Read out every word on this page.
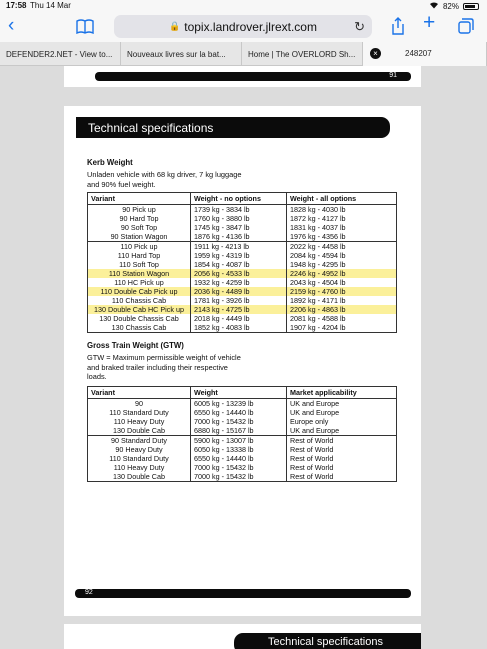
17:58 Thu 14 Mar	82%
‹	🔒 topix.landrover.jlrext.com	↻	+
DEFENDER2.NET - View to... Nouveaux livres sur la bat...	Home | The OVERLORD Sh...	×	248207
91
Technical specifications
Kerb Weight
Unladen vehicle with 68 kg driver, 7 kg luggage
and 90% fuel weight.
Variant	Weight - no options	Weight - all options
90 Pick up	1739 kg - 3834 lb	1828 kg - 4030 lb
90 Hard Top	1760 kg - 3880 lb	1872 kg - 4127 lb
90 Soft Top	1745 kg - 3847 lb	1831 kg - 4037 lb
90 Station Wagon	1876 kg - 4136 lb	1976 kg - 4356 lb
110 Pick up	1911 kg - 4213 lb	2022 kg - 4458 lb
110 Hard Top	1959 kg - 4319 lb	2084 kg - 4594 lb
110 Soft Top	1854 kg - 4087 lb	1948 kg - 4295 lb
110 Station Wagon	2056 kg - 4533 lb	2246 kg - 4952 lb
110 HC Pick up	1932 kg - 4259 lb	2043 kg - 4504 lb
110 Double Cab Pick up	2036 kg - 4489 lb	2159 kg - 4760 lb
110 Chassis Cab	1781 kg - 3926 lb	1892 kg - 4171 lb
130 Double Cab HC Pick up	2143 kg - 4725 lb	2206 kg - 4863 lb
130 Double Chassis Cab	2018 kg - 4449 lb	2081 kg - 4588 lb
130 Chassis Cab	1852 kg - 4083 lb	1907 kg - 4204 lb
Gross Train Weight (GTW)
GTW = Maximum permissible weight of vehicle
and braked trailer including their respective
loads.
Variant	Weight	Market applicability
90	6005 kg - 13239 lb	UK and Europe
110 Standard Duty	6550 kg - 14440 lb	UK and Europe
110 Heavy Duty	7000 kg - 15432 lb	Europe only
130 Double Cab	6880 kg - 15167 lb	UK and Europe
90 Standard Duty	5900 kg - 13007 lb	Rest of World
90 Heavy Duty	6050 kg - 13338 lb	Rest of World
110 Standard Duty	6550 kg - 14440 lb	Rest of World
110 Heavy Duty	7000 kg - 15432 lb	Rest of World
130 Double Cab	7000 kg - 15432 lb	Rest of World
92
Technical specifications
